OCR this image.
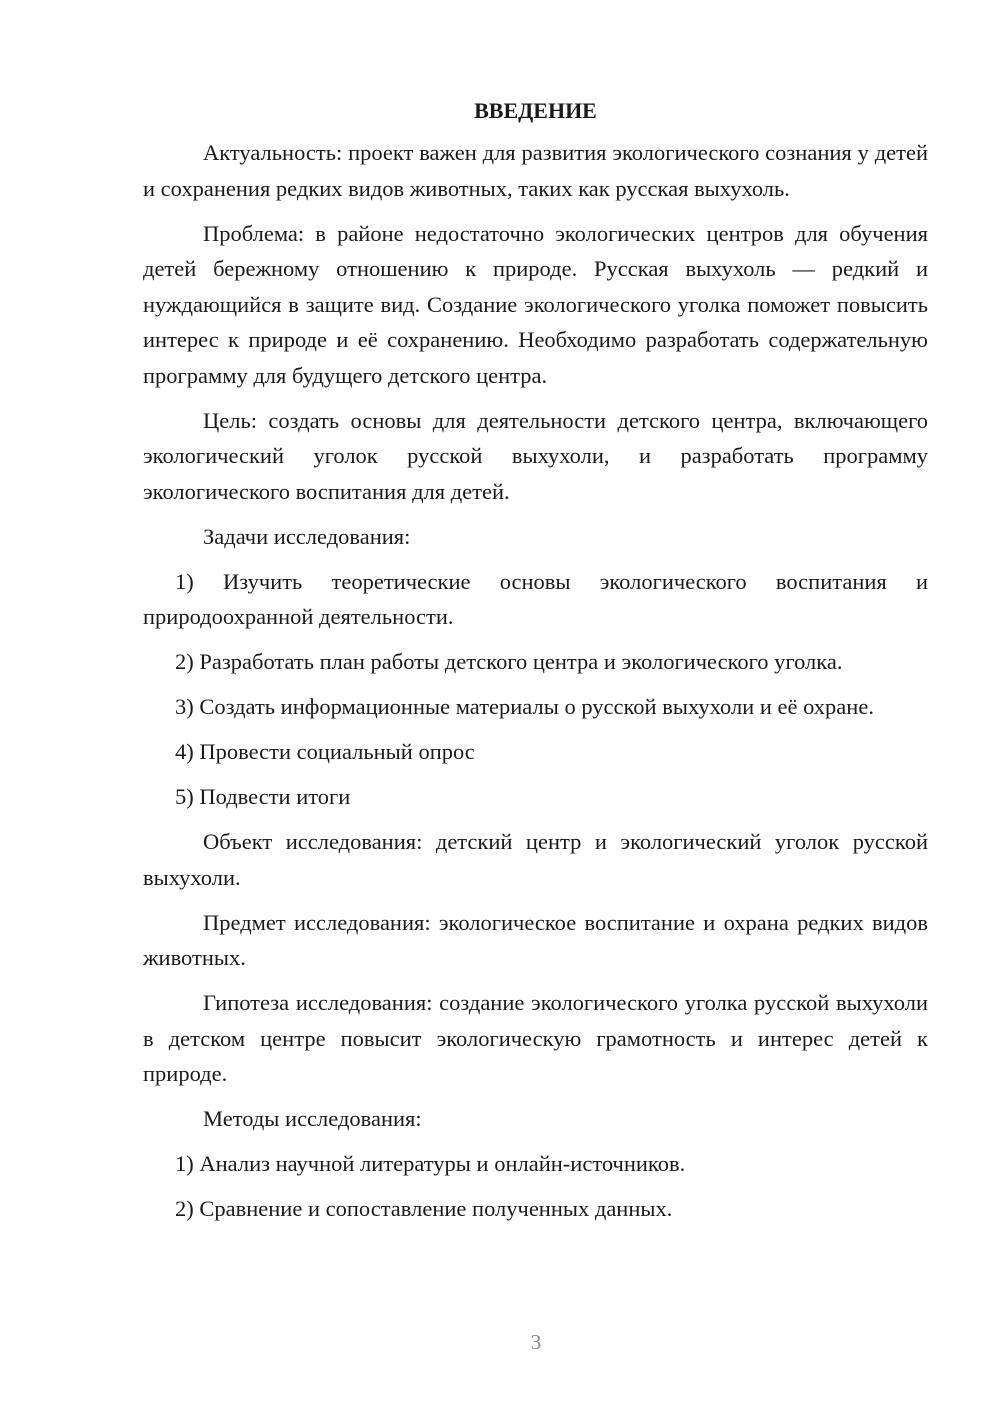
ВВЕДЕНИЕ

Актуальность: проект важен для развития экологического сознания у детей и сохранения редких видов животных, таких как русская выхухоль.

Проблема: в районе недостаточно экологических центров для обучения детей бережному отношению к природе. Русская выхухоль — редкий и нуждающийся в защите вид. Создание экологического уголка поможет повысить интерес к природе и её сохранению. Необходимо разработать содержательную программу для будущего детского центра.

Цель: создать основы для деятельности детского центра, включающего экологический уголок русской выхухоли, и разработать программу экологического воспитания для детей.

Задачи исследования:

1) Изучить теоретические основы экологического воспитания и природоохранной деятельности.

2) Разработать план работы детского центра и экологического уголка.

3) Создать информационные материалы о русской выхухоли и её охране.

4) Провести социальный опрос

5) Подвести итоги

Объект исследования: детский центр и экологический уголок русской выхухоли.

Предмет исследования: экологическое воспитание и охрана редких видов животных.

Гипотеза исследования: создание экологического уголка русской выхухоли в детском центре повысит экологическую грамотность и интерес детей к природе.

Методы исследования:

1) Анализ научной литературы и онлайн-источников.

2) Сравнение и сопоставление полученных данных.

3
